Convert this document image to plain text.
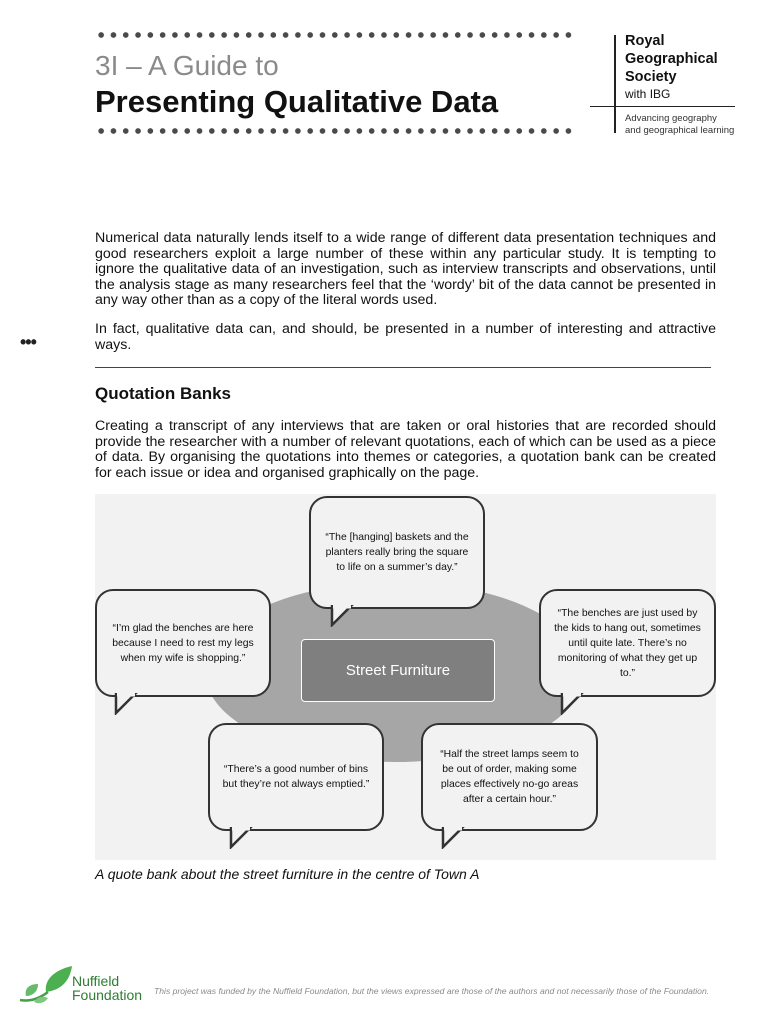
3I – A Guide to
Presenting Qualitative Data
Royal
Geographical
Society
with IBG
Advancing geography
and geographical learning
Numerical data naturally lends itself to a wide range of different data presentation techniques and good researchers exploit a large number of these within any particular study. It is tempting to ignore the qualitative data of an investigation, such as interview transcripts and observations, until the analysis stage as many researchers feel that the ‘wordy’ bit of the data cannot be presented in any way other than as a copy of the literal words used.
In fact, qualitative data can, and should, be presented in a number of interesting and attractive ways.
•••
Quotation Banks
Creating a transcript of any interviews that are taken or oral histories that are recorded should provide the researcher with a number of relevant quotations, each of which can be used as a piece of data. By organising the quotations into themes or categories, a quotation bank can be created for each issue or idea and organised graphically on the page.
Street Furniture
“The [hanging] baskets and the planters really bring the square to life on a summer’s day.”
“I’m glad the benches are here because I need to rest my legs when my wife is shopping.”
“The benches are just used by the kids to hang out, sometimes until quite late. There’s no monitoring of what they get up to.”
“There’s a good number of bins but they’re not always emptied.”
“Half the street lamps seem to be out of order, making some places effectively no-go areas after a certain hour.”
A quote bank about the street furniture in the centre of Town A
Nuffield
Foundation This project was funded by the Nuffield Foundation, but the views expressed are those of the authors and not necessarily those of the Foundation.
